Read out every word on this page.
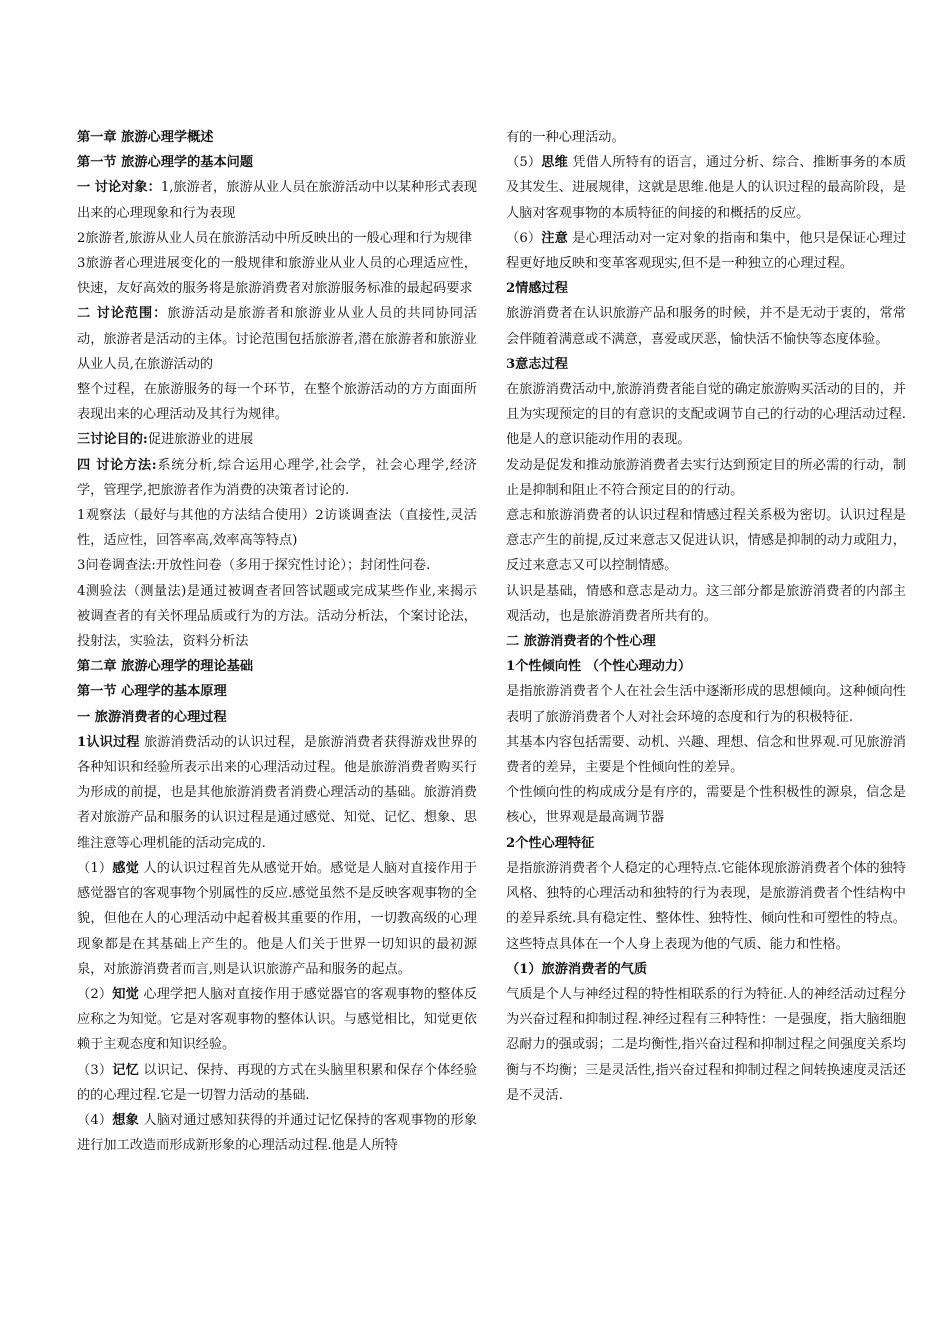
第一章 旅游心理学概述

第一节 旅游心理学的基本问题

一 讨论对象：1,旅游者，旅游从业人员在旅游活动中以某种形式表现出来的心理现象和行为表现

2旅游者,旅游从业人员在旅游活动中所反映出的一般心理和行为规律

3旅游者心理进展变化的一般规律和旅游业从业人员的心理适应性，快速，友好高效的服务将是旅游消费者对旅游服务标准的最起码要求

二 讨论范围：旅游活动是旅游者和旅游业从业人员的共同协同活动，旅游者是活动的主体。讨论范围包括旅游者,潜在旅游者和旅游业从业人员,在旅游活动的

整个过程，在旅游服务的每一个环节，在整个旅游活动的方方面面所表现出来的心理活动及其行为规律。

三讨论目的:促进旅游业的进展

四 讨论方法:系统分析,综合运用心理学,社会学，社会心理学,经济学，管理学,把旅游者作为消费的决策者讨论的.

1观察法（最好与其他的方法结合使用）2访谈调查法（直接性,灵活性，适应性，回答率高,效率高等特点)

3问卷调查法:开放性问卷（多用于探究性讨论）；封闭性问卷.

4测验法（测量法)是通过被调查者回答试题或完成某些作业,来揭示被调查者的有关怀理品质或行为的方法。活动分析法，个案讨论法，投射法，实验法，资料分析法

第二章 旅游心理学的理论基础

第一节 心理学的基本原理

一 旅游消费者的心理过程

1认识过程 旅游消费活动的认识过程，是旅游消费者获得游戏世界的各种知识和经验所表示出来的心理活动过程。他是旅游消费者购买行为形成的前提，也是其他旅游消费者消费心理活动的基础。旅游消费者对旅游产品和服务的认识过程是通过感觉、知觉、记忆、想象、思维注意等心理机能的活动完成的.

（1）感觉 人的认识过程首先从感觉开始。感觉是人脑对直接作用于感觉器官的客观事物个别属性的反应.感觉虽然不是反映客观事物的全貌，但他在人的心理活动中起着极其重要的作用，一切教高级的心理现象都是在其基础上产生的。他是人们关于世界一切知识的最初源泉，对旅游消费者而言,则是认识旅游产品和服务的起点。

（2）知觉 心理学把人脑对直接作用于感觉器官的客观事物的整体反应称之为知觉。它是对客观事物的整体认识。与感觉相比，知觉更依赖于主观态度和知识经验。

（3）记忆 以识记、保持、再现的方式在头脑里积累和保存个体经验的的心理过程.它是一切智力活动的基础.

（4）想象 人脑对通过感知获得的并通过记忆保持的客观事物的形象进行加工改造而形成新形象的心理活动过程.他是人所特

有的一种心理活动。

（5）思维 凭借人所特有的语言，通过分析、综合、推断事务的本质及其发生、进展规律，这就是思维.他是人的认识过程的最高阶段，是人脑对客观事物的本质特征的间接的和概括的反应。

（6）注意 是心理活动对一定对象的指南和集中，他只是保证心理过程更好地反映和变革客观现实,但不是一种独立的心理过程。

2情感过程

旅游消费者在认识旅游产品和服务的时候，并不是无动于衷的，常常会伴随着满意或不满意，喜爱或厌恶，愉快活不愉快等态度体验。

3意志过程

在旅游消费活动中,旅游消费者能自觉的确定旅游购买活动的目的，并且为实现预定的目的有意识的支配或调节自己的行动的心理活动过程.他是人的意识能动作用的表现。

发动是促发和推动旅游消费者去实行达到预定目的所必需的行动，制止是抑制和阻止不符合预定目的的行动。

意志和旅游消费者的认识过程和情感过程关系极为密切。认识过程是意志产生的前提,反过来意志又促进认识，情感是抑制的动力或阻力，反过来意志又可以控制情感。

认识是基础，情感和意志是动力。这三部分都是旅游消费者的内部主观活动，也是旅游消费者所共有的。

二 旅游消费者的个性心理

1个性倾向性 （个性心理动力）

是指旅游消费者个人在社会生活中逐渐形成的思想倾向。这种倾向性表明了旅游消费者个人对社会环境的态度和行为的积极特征.

其基本内容包括需要、动机、兴趣、理想、信念和世界观.可见旅游消费者的差异，主要是个性倾向性的差异。

个性倾向性的构成成分是有序的，需要是个性积极性的源泉，信念是核心，世界观是最高调节器

2个性心理特征

是指旅游消费者个人稳定的心理特点.它能体现旅游消费者个体的独特风格、独特的心理活动和独特的行为表现，是旅游消费者个性结构中的差异系统.具有稳定性、整体性、独特性、倾向性和可塑性的特点。这些特点具体在一个人身上表现为他的气质、能力和性格。

（1）旅游消费者的气质

气质是个人与神经过程的特性相联系的行为特征.人的神经活动过程分为兴奋过程和抑制过程.神经过程有三种特性：一是强度，指大脑细胞忍耐力的强或弱；二是均衡性,指兴奋过程和抑制过程之间强度关系均衡与不均衡；三是灵活性,指兴奋过程和抑制过程之间转换速度灵活还是不灵活.
